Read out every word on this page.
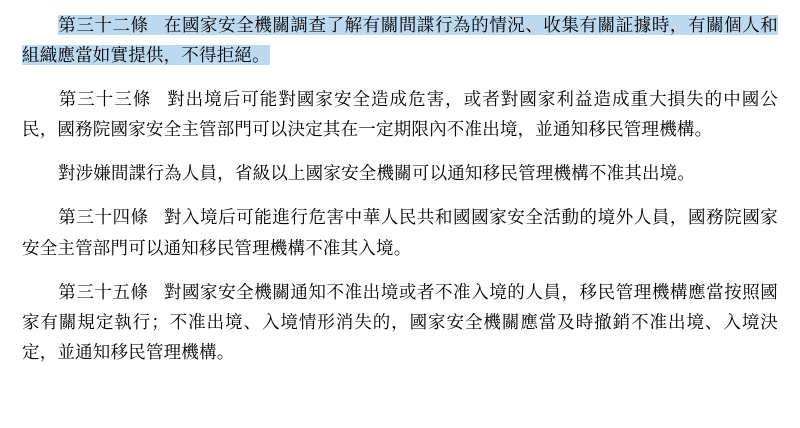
第三十二條 在國家安全機關調查了解有關間諜行為的情況、收集有關証據時，有關個人和組織應當如實提供，不得拒絕。

第三十三條 對出境后可能對國家安全造成危害，或者對國家利益造成重大損失的中國公民，國務院國家安全主管部門可以決定其在一定期限內不准出境，並通知移民管理機構。

對涉嫌間諜行為人員，省級以上國家安全機關可以通知移民管理機構不准其出境。

第三十四條 對入境后可能進行危害中華人民共和國國家安全活動的境外人員，國務院國家安全主管部門可以通知移民管理機構不准其入境。

第三十五條 對國家安全機關通知不准出境或者不准入境的人員，移民管理機構應當按照國家有關規定執行；不准出境、入境情形消失的，國家安全機關應當及時撤銷不准出境、入境決定，並通知移民管理機構。
